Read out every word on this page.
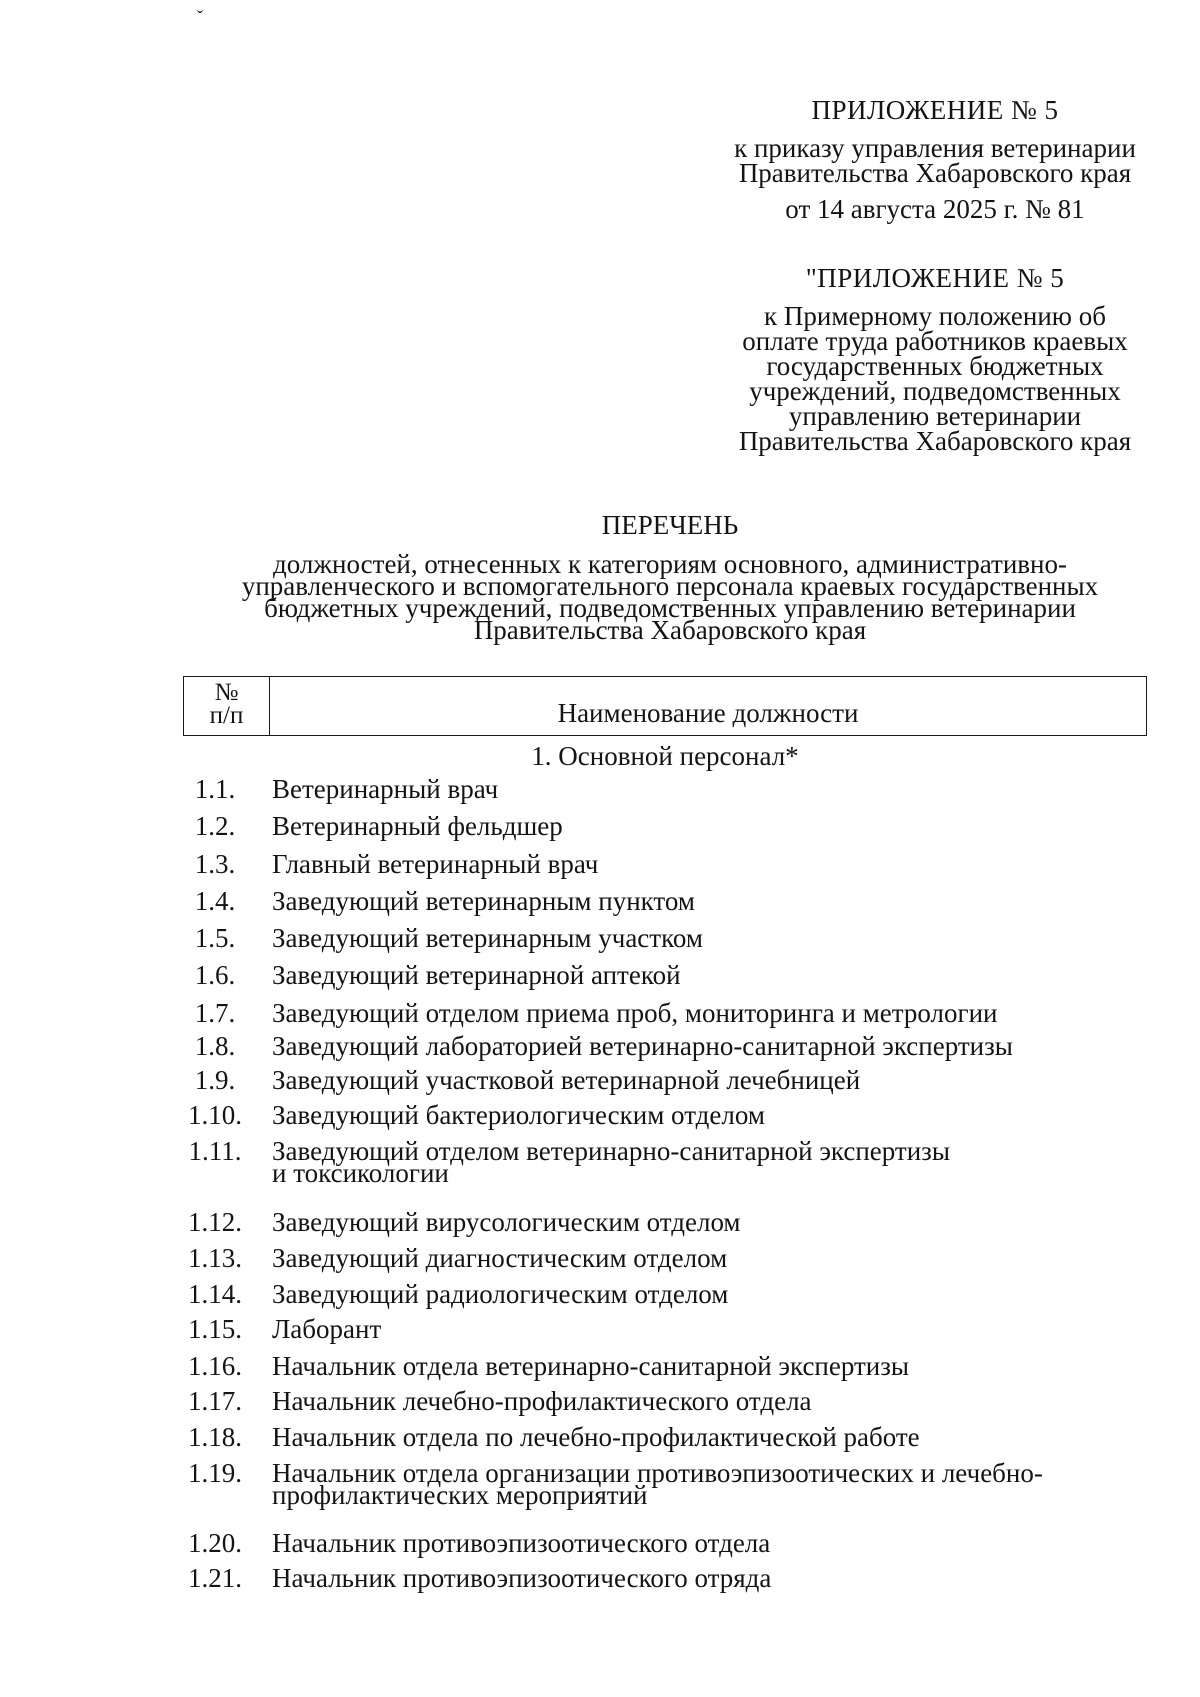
ˇ
ПРИЛОЖЕНИЕ № 5
к приказу управления ветеринарии
Правительства Хабаровского края
от 14 августа 2025 г. № 81
"ПРИЛОЖЕНИЕ № 5
к Примерному положению об
оплате труда работников краевых
государственных бюджетных
учреждений, подведомственных
управлению ветеринарии
Правительства Хабаровского края
ПЕРЕЧЕНЬ
должностей, отнесенных к категориям основного, административно-
управленческого и вспомогательного персонала краевых государственных
бюджетных учреждений, подведомственных управлению ветеринарии
Правительства Хабаровского края
№
п/п	Наименование должности
1. Основной персонал*
1.1.	Ветеринарный врач
1.2.	Ветеринарный фельдшер
1.3.	Главный ветеринарный врач
1.4.	Заведующий ветеринарным пунктом
1.5.	Заведующий ветеринарным участком
1.6.	Заведующий ветеринарной аптекой
1.7.	Заведующий отделом приема проб, мониторинга и метрологии
1.8.	Заведующий лабораторией ветеринарно-санитарной экспертизы
1.9.	Заведующий участковой ветеринарной лечебницей
1.10. Заведующий бактериологическим отделом
1.11.	Заведующий отделом ветеринарно-санитарной экспертизы
и токсикологии
1.12. Заведующий вирусологическим отделом
1.13. Заведующий диагностическим отделом
1.14. Заведующий радиологическим отделом
1.15. Лаборант
1.16. Начальник отдела ветеринарно-санитарной экспертизы
1.17. Начальник лечебно-профилактического отдела
1.18. Начальник отдела по лечебно-профилактической работе
1.19. Начальник отдела организации противоэпизоотических и лечебно-
профилактических мероприятий
1.20. Начальник противоэпизоотического отдела
1.21. Начальник противоэпизоотического отряда
